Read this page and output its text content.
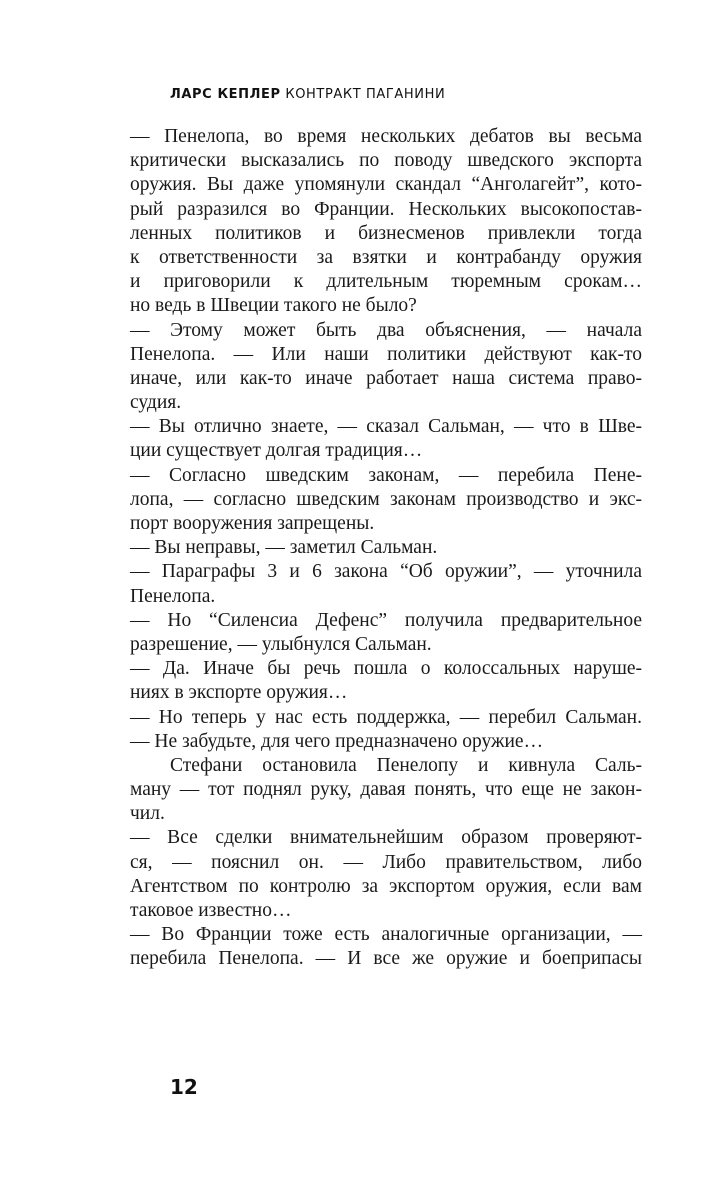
ЛАРС КЕПЛЕР КОНТРАКТ ПАГАНИНИ
— Пенелопа, во время нескольких дебатов вы весьма
критически высказались по поводу шведского экспорта
оружия. Вы даже упомянули скандал “Анголагейт”, кото-
рый разразился во Франции. Нескольких высокопостав-
ленных политиков и бизнесменов привлекли тогда
к ответственности за взятки и контрабанду оружия
и приговорили к длительным тюремным срокам…
но ведь в Швеции такого не было?
— Этому может быть два объяснения, — начала
Пенелопа. — Или наши политики действуют как-то
иначе, или как-то иначе работает наша система право-
судия.
— Вы отлично знаете, — сказал Сальман, — что в Шве-
ции существует долгая традиция…
— Согласно шведским законам, — перебила Пене-
лопа, — согласно шведским законам производство и экс-
порт вооружения запрещены.
— Вы неправы, — заметил Сальман.
— Параграфы 3 и 6 закона “Об оружии”, — уточнила
Пенелопа.
— Но “Силенсиа Дефенс” получила предварительное
разрешение, — улыбнулся Сальман.
— Да. Иначе бы речь пошла о колоссальных наруше-
ниях в экспорте оружия…
— Но теперь у нас есть поддержка, — перебил Сальман.
— Не забудьте, для чего предназначено оружие…
Стефани остановила Пенелопу и кивнула Саль-
ману — тот поднял руку, давая понять, что еще не закон-
чил.
— Все сделки внимательнейшим образом проверяют-
ся, — пояснил он. — Либо правительством, либо
Агентством по контролю за экспортом оружия, если вам
таковое известно…
— Во Франции тоже есть аналогичные организации, —
перебила Пенелопа. — И все же оружие и боеприпасы
12
